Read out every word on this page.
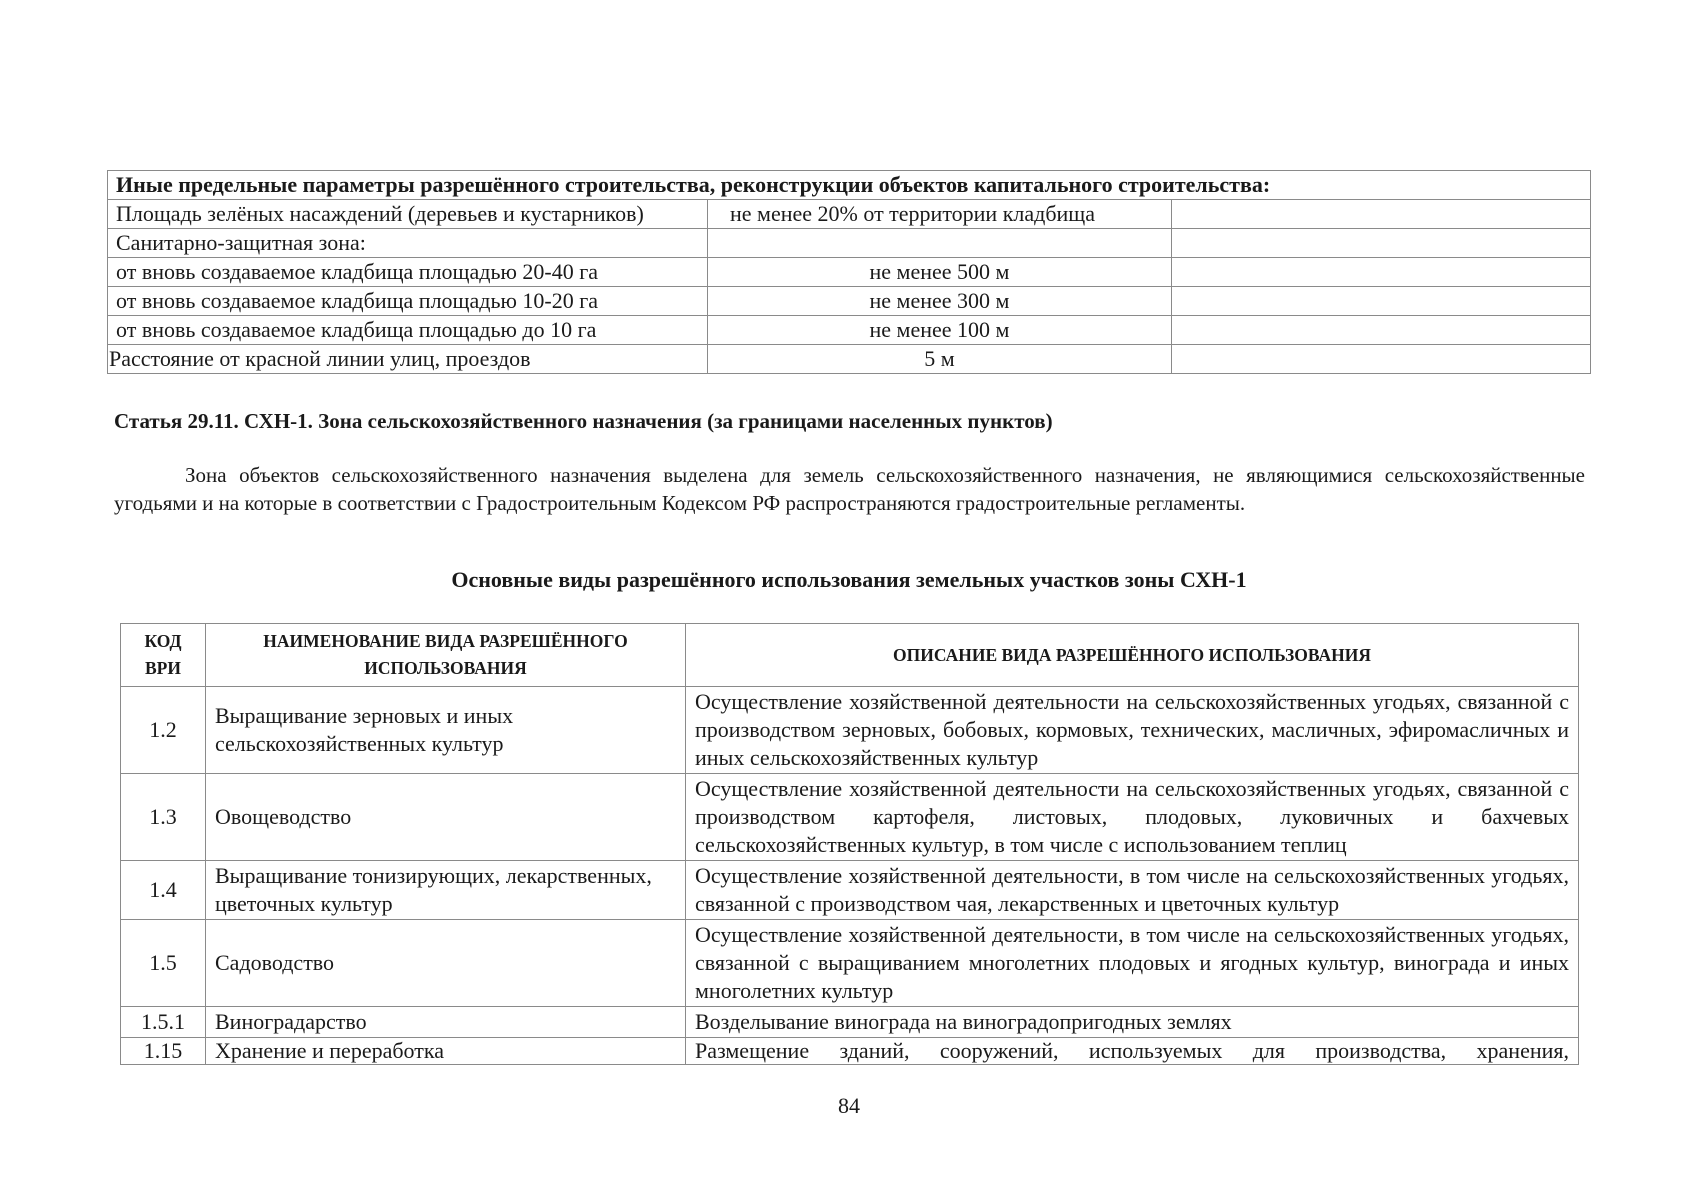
Иные предельные параметры разрешённого строительства, реконструкции объектов капитального строительства:		
Площадь зелёных насаждений (деревьев и кустарников)	не менее 20% от территории кладбища	
Санитарно-защитная зона:		
от вновь создаваемое кладбища площадью 20-40 га	не менее 500 м	
от вновь создаваемое кладбища площадью 10-20 га	не менее 300 м	
от вновь создаваемое кладбища площадью до 10 га	не менее 100 м	
Расстояние от красной линии улиц, проездов	5 м	
Статья 29.11. СХН-1. Зона сельскохозяйственного назначения (за границами населенных пунктов)

Зона объектов сельскохозяйственного назначения выделена для земель сельскохозяйственного назначения, не являющимися сельскохозяйственные угодьями и на которые в соответствии с Градостроительным Кодексом РФ распространяются градостроительные регламенты.

Основные виды разрешённого использования земельных участков зоны СХН-1
КОД ВРИ	НАИМЕНОВАНИЕ ВИДА РАЗРЕШЁННОГО ИСПОЛЬЗОВАНИЯ	ОПИСАНИЕ ВИДА РАЗРЕШЁННОГО ИСПОЛЬЗОВАНИЯ
1.2	Выращивание зерновых и иных сельскохозяйственных культур	Осуществление хозяйственной деятельности на сельскохозяйственных угодьях, связанной с производством зерновых, бобовых, кормовых, технических, масличных, эфиромасличных и иных сельскохозяйственных культур
1.3	Овощеводство	Осуществление хозяйственной деятельности на сельскохозяйственных угодьях, связанной с производством картофеля, листовых, плодовых, луковичных и бахчевых сельскохозяйственных культур, в том числе с использованием теплиц
1.4	Выращивание тонизирующих, лекарственных, цветочных культур	Осуществление хозяйственной деятельности, в том числе на сельскохозяйственных угодьях, связанной с производством чая, лекарственных и цветочных культур
1.5	Садоводство	Осуществление хозяйственной деятельности, в том числе на сельскохозяйственных угодьях, связанной с выращиванием многолетних плодовых и ягодных культур, винограда и иных многолетних культур
1.5.1	Виноградарство	Возделывание винограда на виноградопригодных землях
1.15	Хранение и переработка	Размещение зданий, сооружений, используемых для производства, хранения,
84
